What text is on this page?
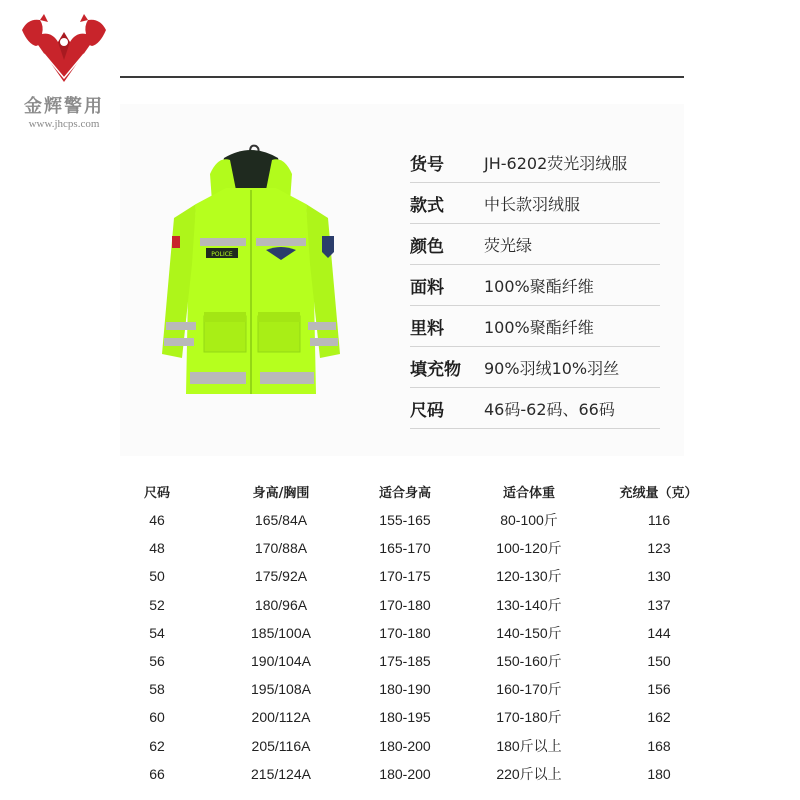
金辉警用
www.jhcps.com
POLICE
货号	JH-6202荧光羽绒服
款式	中长款羽绒服
颜色	荧光绿
面料	100%聚酯纤维
里料	100%聚酯纤维
填充物	90%羽绒10%羽丝
尺码	46码-62码、66码
尺码	身高/胸围	适合身高	适合体重	充绒量（克）
46	165/84A	155-165	80-100斤	116
48	170/88A	165-170	100-120斤	123
50	175/92A	170-175	120-130斤	130
52	180/96A	170-180	130-140斤	137
54	185/100A	170-180	140-150斤	144
56	190/104A	175-185	150-160斤	150
58	195/108A	180-190	160-170斤	156
60	200/112A	180-195	170-180斤	162
62	205/116A	180-200	180斤以上	168
66	215/124A	180-200	220斤以上	180
